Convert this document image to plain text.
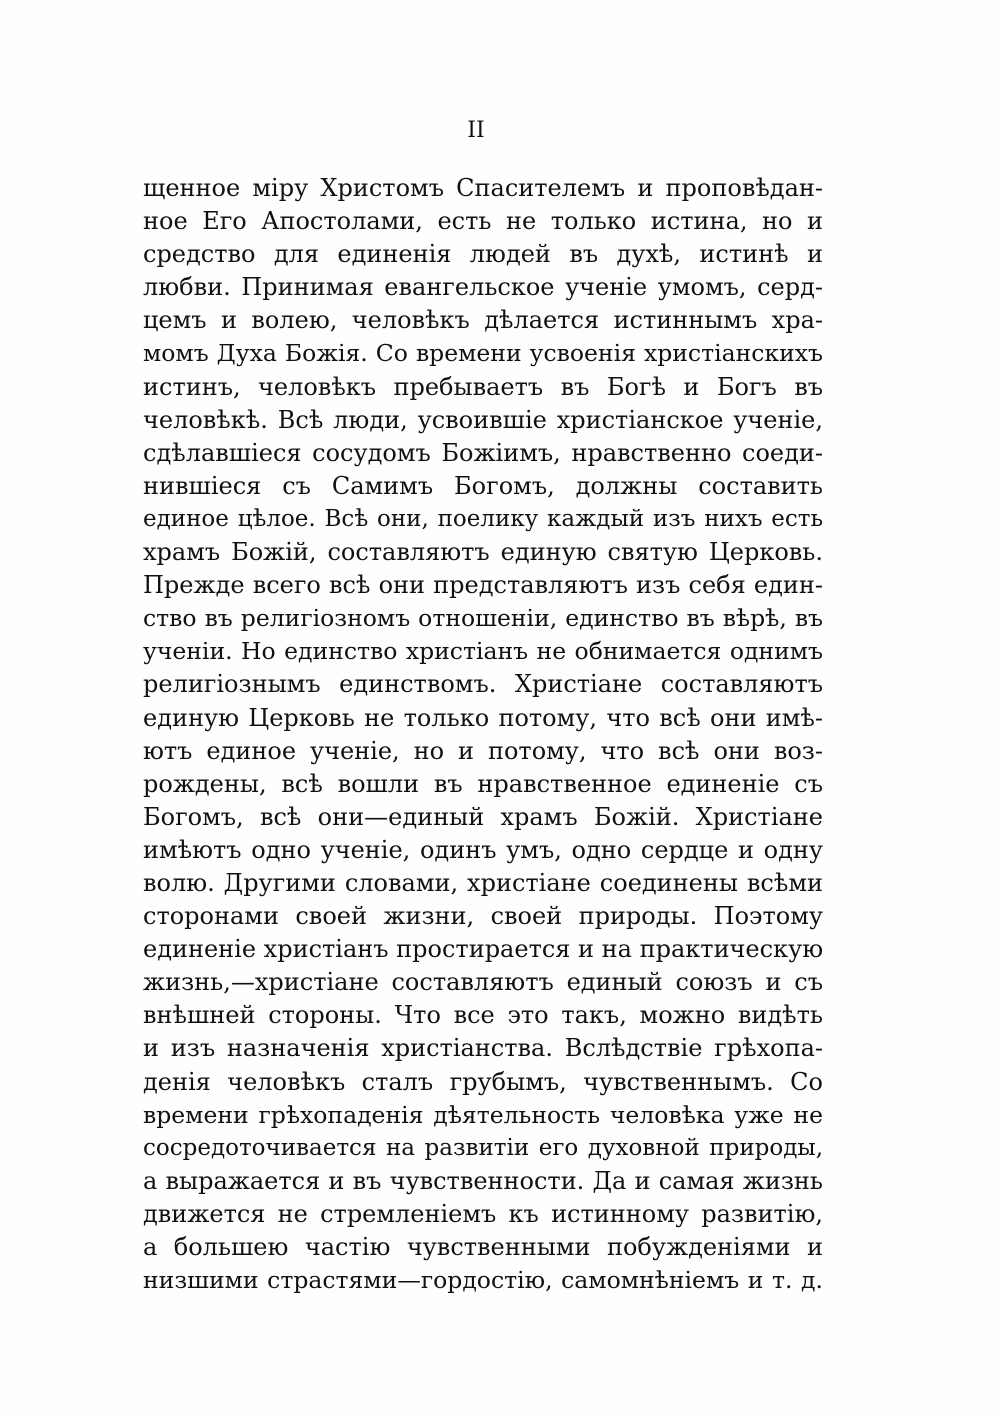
II
щенное міру Христомъ Спасителемъ и проповѣдан-
ное Его Апостолами, есть не только истина, но и
средство для единенія людей въ духѣ, истинѣ и
любви. Принимая евангельское ученіе умомъ, серд-
цемъ и волею, человѣкъ дѣлается истиннымъ хра-
момъ Духа Божія. Со времени усвоенія христіанскихъ
истинъ, человѣкъ пребываетъ въ Богѣ и Богъ въ
человѣкѣ. Всѣ люди, усвоившіе христіанское ученіе,
сдѣлавшіеся сосудомъ Божіимъ, нравственно соеди-
нившіеся съ Самимъ Богомъ, должны составить
единое цѣлое. Всѣ они, поелику каждый изъ нихъ есть
храмъ Божій, составляютъ единую святую Церковь.
Прежде всего всѣ они представляютъ изъ себя един-
ство въ религіозномъ отношеніи, единство въ вѣрѣ, въ
ученіи. Но единство христіанъ не обнимается однимъ
религіознымъ единствомъ. Христіане составляютъ
единую Церковь не только потому, что всѣ они имѣ-
ютъ единое ученіе, но и потому, что всѣ они воз-
рождены, всѣ вошли въ нравственное единеніе съ
Богомъ, всѣ они—единый храмъ Божій. Христіане
имѣютъ одно ученіе, одинъ умъ, одно сердце и одну
волю. Другими словами, христіане соединены всѣми
сторонами своей жизни, своей природы. Поэтому
единеніе христіанъ простирается и на практическую
жизнь,—христіане составляютъ единый союзъ и съ
внѣшней стороны. Что все это такъ, можно видѣть
и изъ назначенія христіанства. Вслѣдствіе грѣхопа-
денія человѣкъ сталъ грубымъ, чувственнымъ. Со
времени грѣхопаденія дѣятельность человѣка уже не
сосредоточивается на развитіи его духовной природы,
а выражается и въ чувственности. Да и самая жизнь
движется не стремленіемъ къ истинному развитію,
а большею частію чувственными побужденіями и
низшими страстями—гордостію, самомнѣніемъ и т. д.
